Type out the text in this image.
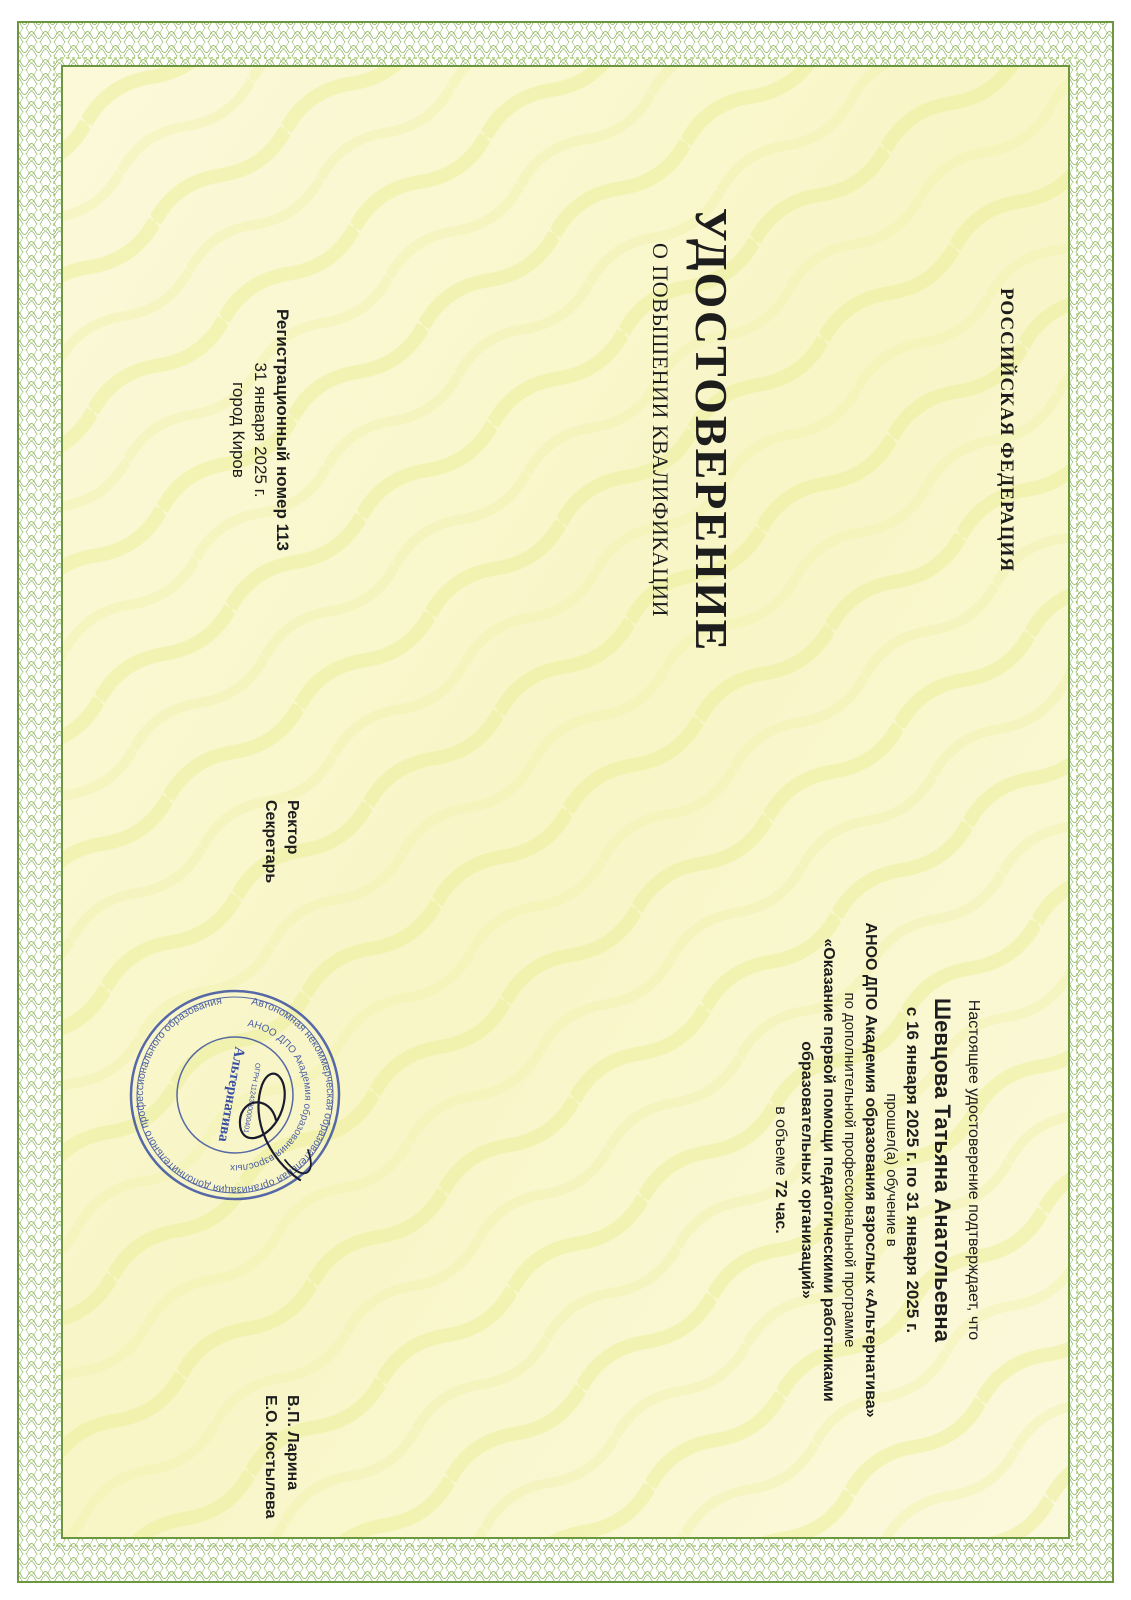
РОССИЙСКАЯ ФЕДЕРАЦИЯ
УДОСТОВЕРЕНИЕ
О ПОВЫШЕНИИ КВАЛИФИКАЦИИ
Регистрационный номер 113
31 января 2025 г.
город Киров
Настоящее удостоверение подтверждает, что
Шевцова Татьяна Анатольевна
с 16 января 2025 г. по 31 января 2025 г.
прошел(а) обучение в
АНОО ДПО Академия образования взрослых «Альтернатива»
по дополнительной профессиональной программе
«Оказание первой помощи педагогическими работниками
образовательных организаций»
в объеме 72 час.
Ректор
В.П. Ларина
Секретарь
Е.О. Костылева
Автономная некоммерческая образовательная организация дополнительного профессионального образования
АНОО ДПО Академия образования взрослых
ОГРН 1124300000401
Альтернатива
